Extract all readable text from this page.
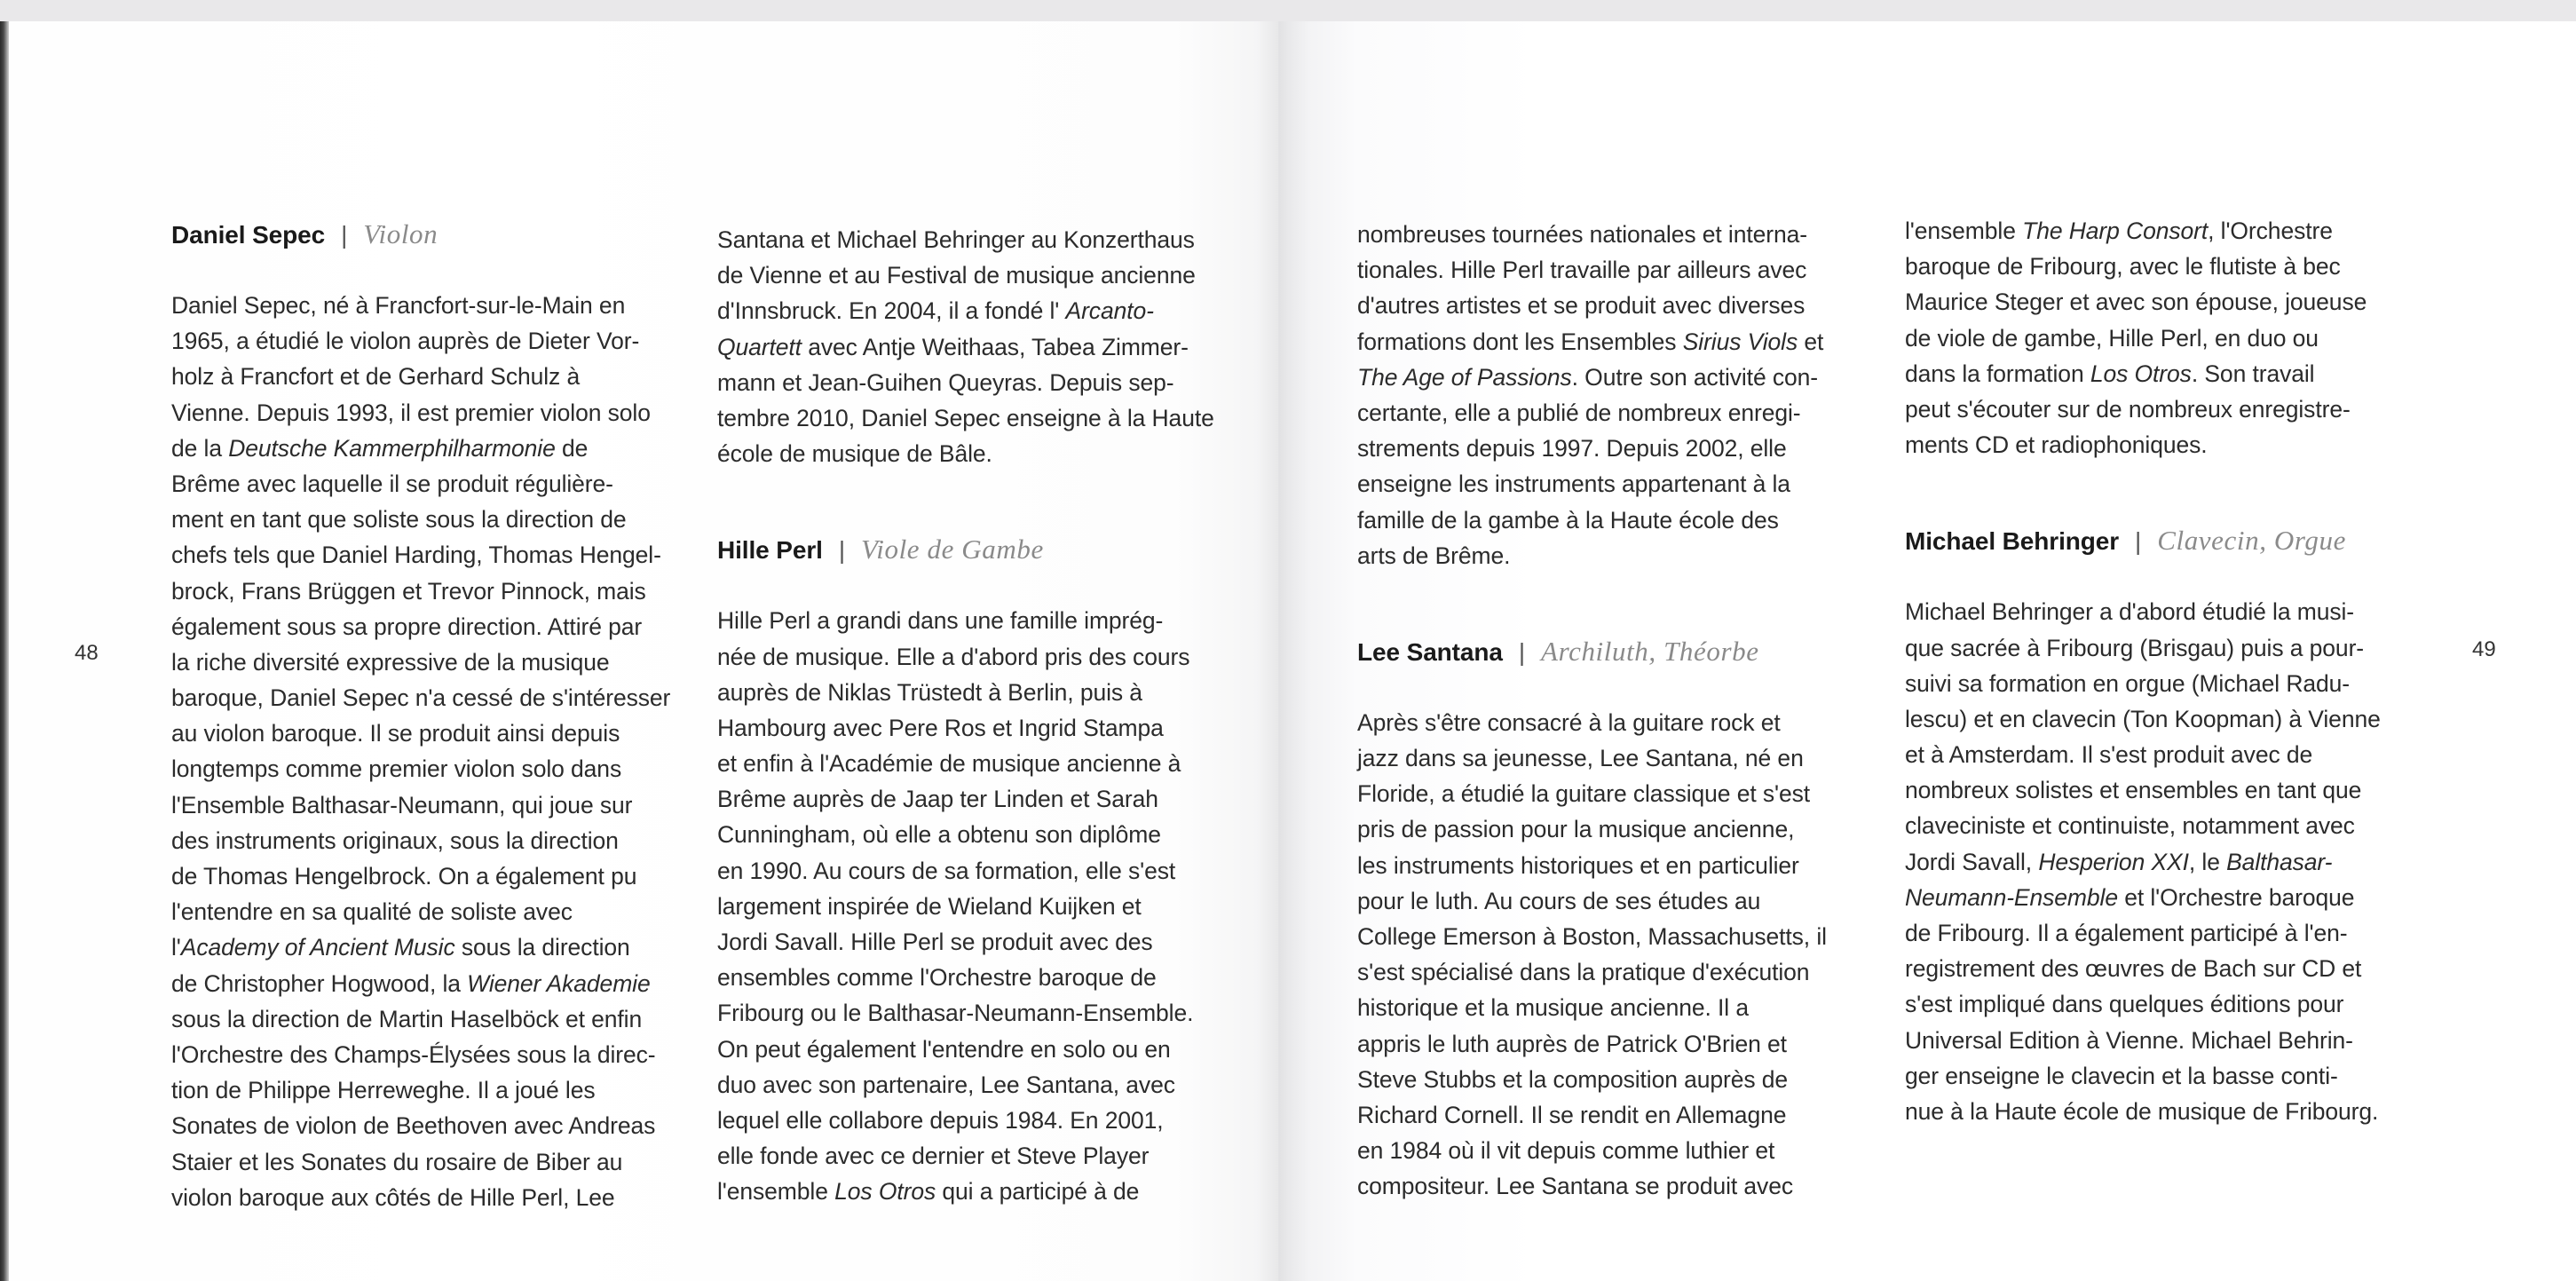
48	49
Daniel Sepec | Violon
Daniel Sepec, né à Francfort-sur-le-Main en
1965, a étudié le violon auprès de Dieter Vor-
holz à Francfort et de Gerhard Schulz à
Vienne. Depuis 1993, il est premier violon solo
de la Deutsche Kammerphilharmonie de
Brême avec laquelle il se produit régulière-
ment en tant que soliste sous la direction de
chefs tels que Daniel Harding, Thomas Hengel-
brock, Frans Brüggen et Trevor Pinnock, mais
également sous sa propre direction. Attiré par
la riche diversité expressive de la musique
baroque, Daniel Sepec n'a cessé de s'intéresser
au violon baroque. Il se produit ainsi depuis
longtemps comme premier violon solo dans
l'Ensemble Balthasar-Neumann, qui joue sur
des instruments originaux, sous la direction
de Thomas Hengelbrock. On a également pu
l'entendre en sa qualité de soliste avec
l'Academy of Ancient Music sous la direction
de Christopher Hogwood, la Wiener Akademie
sous la direction de Martin Haselböck et enfin
l'Orchestre des Champs-Élysées sous la direc-
tion de Philippe Herreweghe. Il a joué les
Sonates de violon de Beethoven avec Andreas
Staier et les Sonates du rosaire de Biber au
violon baroque aux côtés de Hille Perl, Lee
Santana et Michael Behringer au Konzerthaus
de Vienne et au Festival de musique ancienne
d'Innsbruck. En 2004, il a fondé l' Arcanto-
Quartett avec Antje Weithaas, Tabea Zimmer-
mann et Jean-Guihen Queyras. Depuis sep-
tembre 2010, Daniel Sepec enseigne à la Haute
école de musique de Bâle.
Hille Perl | Viole de Gambe
Hille Perl a grandi dans une famille imprég-
née de musique. Elle a d'abord pris des cours
auprès de Niklas Trüstedt à Berlin, puis à
Hambourg avec Pere Ros et Ingrid Stampa
et enfin à l'Académie de musique ancienne à
Brême auprès de Jaap ter Linden et Sarah
Cunningham, où elle a obtenu son diplôme
en 1990. Au cours de sa formation, elle s'est
largement inspirée de Wieland Kuijken et
Jordi Savall. Hille Perl se produit avec des
ensembles comme l'Orchestre baroque de
Fribourg ou le Balthasar-Neumann-Ensemble.
On peut également l'entendre en solo ou en
duo avec son partenaire, Lee Santana, avec
lequel elle collabore depuis 1984. En 2001,
elle fonde avec ce dernier et Steve Player
l'ensemble Los Otros qui a participé à de
nombreuses tournées nationales et interna-
tionales. Hille Perl travaille par ailleurs avec
d'autres artistes et se produit avec diverses
formations dont les Ensembles Sirius Viols et
The Age of Passions. Outre son activité con-
certante, elle a publié de nombreux enregi-
strements depuis 1997. Depuis 2002, elle
enseigne les instruments appartenant à la
famille de la gambe à la Haute école des
arts de Brême.
Lee Santana | Archiluth, Théorbe
Après s'être consacré à la guitare rock et
jazz dans sa jeunesse, Lee Santana, né en
Floride, a étudié la guitare classique et s'est
pris de passion pour la musique ancienne,
les instruments historiques et en particulier
pour le luth. Au cours de ses études au
College Emerson à Boston, Massachusetts, il
s'est spécialisé dans la pratique d'exécution
historique et la musique ancienne. Il a
appris le luth auprès de Patrick O'Brien et
Steve Stubbs et la composition auprès de
Richard Cornell. Il se rendit en Allemagne
en 1984 où il vit depuis comme luthier et
compositeur. Lee Santana se produit avec
l'ensemble The Harp Consort, l'Orchestre
baroque de Fribourg, avec le flutiste à bec
Maurice Steger et avec son épouse, joueuse
de viole de gambe, Hille Perl, en duo ou
dans la formation Los Otros. Son travail
peut s'écouter sur de nombreux enregistre-
ments CD et radiophoniques.
Michael Behringer | Clavecin, Orgue
Michael Behringer a d'abord étudié la musi-
que sacrée à Fribourg (Brisgau) puis a pour-
suivi sa formation en orgue (Michael Radu-
lescu) et en clavecin (Ton Koopman) à Vienne
et à Amsterdam. Il s'est produit avec de
nombreux solistes et ensembles en tant que
claveciniste et continuiste, notamment avec
Jordi Savall, Hesperion XXI, le Balthasar-
Neumann-Ensemble et l'Orchestre baroque
de Fribourg. Il a également participé à l'en-
registrement des œuvres de Bach sur CD et
s'est impliqué dans quelques éditions pour
Universal Edition à Vienne. Michael Behrin-
ger enseigne le clavecin et la basse conti-
nue à la Haute école de musique de Fribourg.
